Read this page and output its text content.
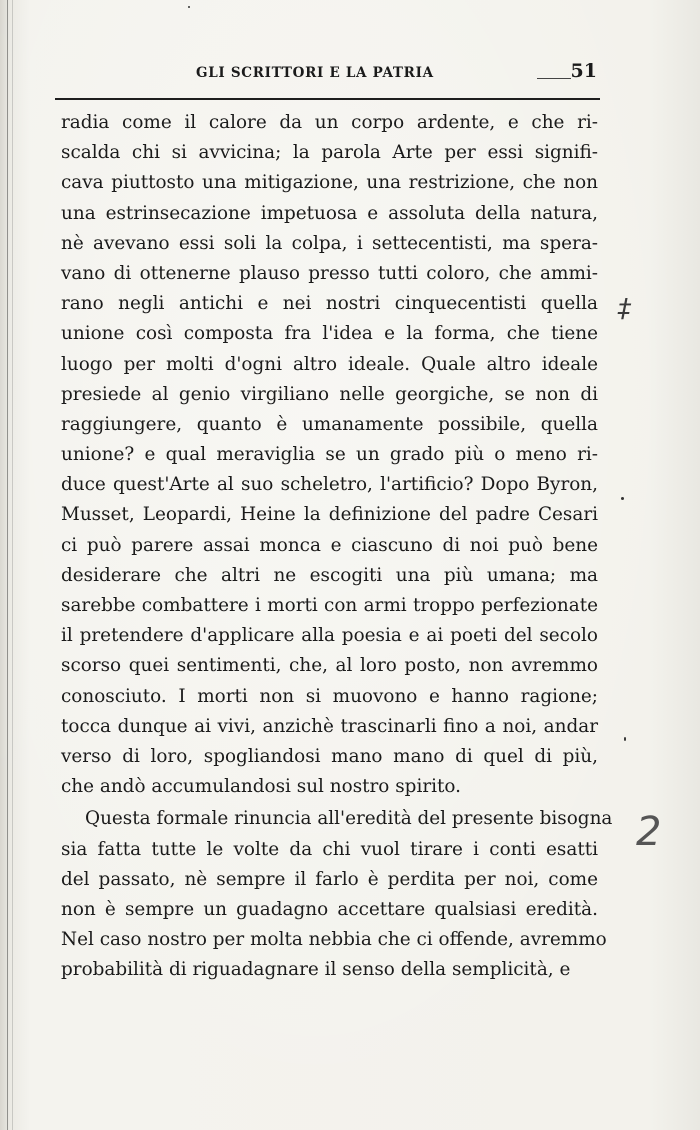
GLI SCRITTORI E LA PATRIA	51
radia come il calore da un corpo ardente, e che ri-
scalda chi si avvicina; la parola Arte per essi signifi-
cava piuttosto una mitigazione, una restrizione, che non
una estrinsecazione impetuosa e assoluta della natura,
nè avevano essi soli la colpa, i settecentisti, ma spera-
vano di ottenerne plauso presso tutti coloro, che ammi-
rano negli antichi e nei nostri cinquecentisti quella
unione così composta fra l'idea e la forma, che tiene
luogo per molti d'ogni altro ideale. Quale altro ideale
presiede al genio virgiliano nelle georgiche, se non di
raggiungere, quanto è umanamente possibile, quella
unione? e qual meraviglia se un grado più o meno ri-
duce quest'Arte al suo scheletro, l'artificio? Dopo Byron,
Musset, Leopardi, Heine la definizione del padre Cesari
ci può parere assai monca e ciascuno di noi può bene
desiderare che altri ne escogiti una più umana; ma
sarebbe combattere i morti con armi troppo perfezionate
il pretendere d'applicare alla poesia e ai poeti del secolo
scorso quei sentimenti, che, al loro posto, non avremmo
conosciuto. I morti non si muovono e hanno ragione;
tocca dunque ai vivi, anzichè trascinarli fino a noi, andar
verso di loro, spogliandosi mano mano di quel di più,
che andò accumulandosi sul nostro spirito.
Questa formale rinuncia all'eredità del presente bisogna
sia fatta tutte le volte da chi vuol tirare i conti esatti
del passato, nè sempre il farlo è perdita per noi, come
non è sempre un guadagno accettare qualsiasi eredità.
Nel caso nostro per molta nebbia che ci offende, avremmo
probabilità di riguadagnare il senso della semplicità, e
‡
2
